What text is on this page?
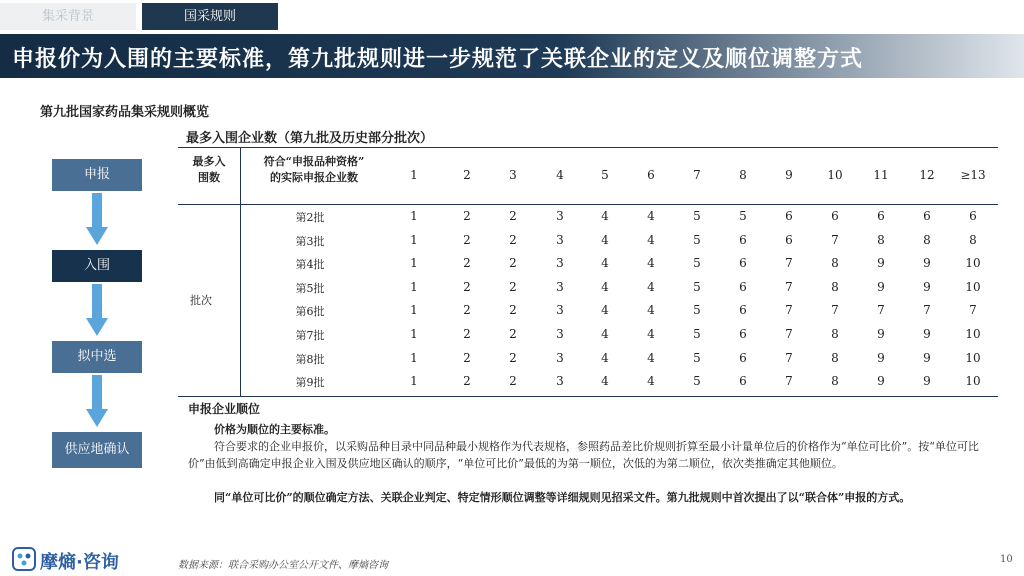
集采背景	国采规则
申报价为入围的主要标准，第九批规则进一步规范了关联企业的定义及顺位调整方式
第九批国家药品集采规则概览
申报
入围
拟中选
供应地确认
最多入围企业数（第九批及历史部分批次）
最多入
围数
符合“申报品种资格”
的实际申报企业数	1	2	3	4	5	6	7	8	9	10	11	12	≥13
批次
第2批	1	2	2	3	4	4	5	5	6	6	6	6	6
第3批	1	2	2	3	4	4	5	6	6	7	8	8	8
第4批	1	2	2	3	4	4	5	6	7	8	9	9	10
第5批	1	2	2	3	4	4	5	6	7	8	9	9	10
第6批	1	2	2	3	4	4	5	6	7	7	7	7	7
第7批	1	2	2	3	4	4	5	6	7	8	9	9	10
第8批	1	2	2	3	4	4	5	6	7	8	9	9	10
第9批	1	2	2	3	4	4	5	6	7	8	9	9	10
申报企业顺位
价格为顺位的主要标准。
符合要求的企业申报价，以采购品种目录中同品种最小规格作为代表规格，参照药品差比价规则折算至最小计量单位后的价格作为“单位可比价”。按“单位可比价”由低到高确定申报企业入围及供应地区确认的顺序，“单位可比价”最低的为第一顺位，次低的为第二顺位，依次类推确定其他顺位。
同“单位可比价”的顺位确定方法、关联企业判定、特定情形顺位调整等详细规则见招采文件。第九批规则中首次提出了以“联合体”申报的方式。
摩熵·咨询	数据来源：联合采购办公室公开文件、摩熵咨询
10
